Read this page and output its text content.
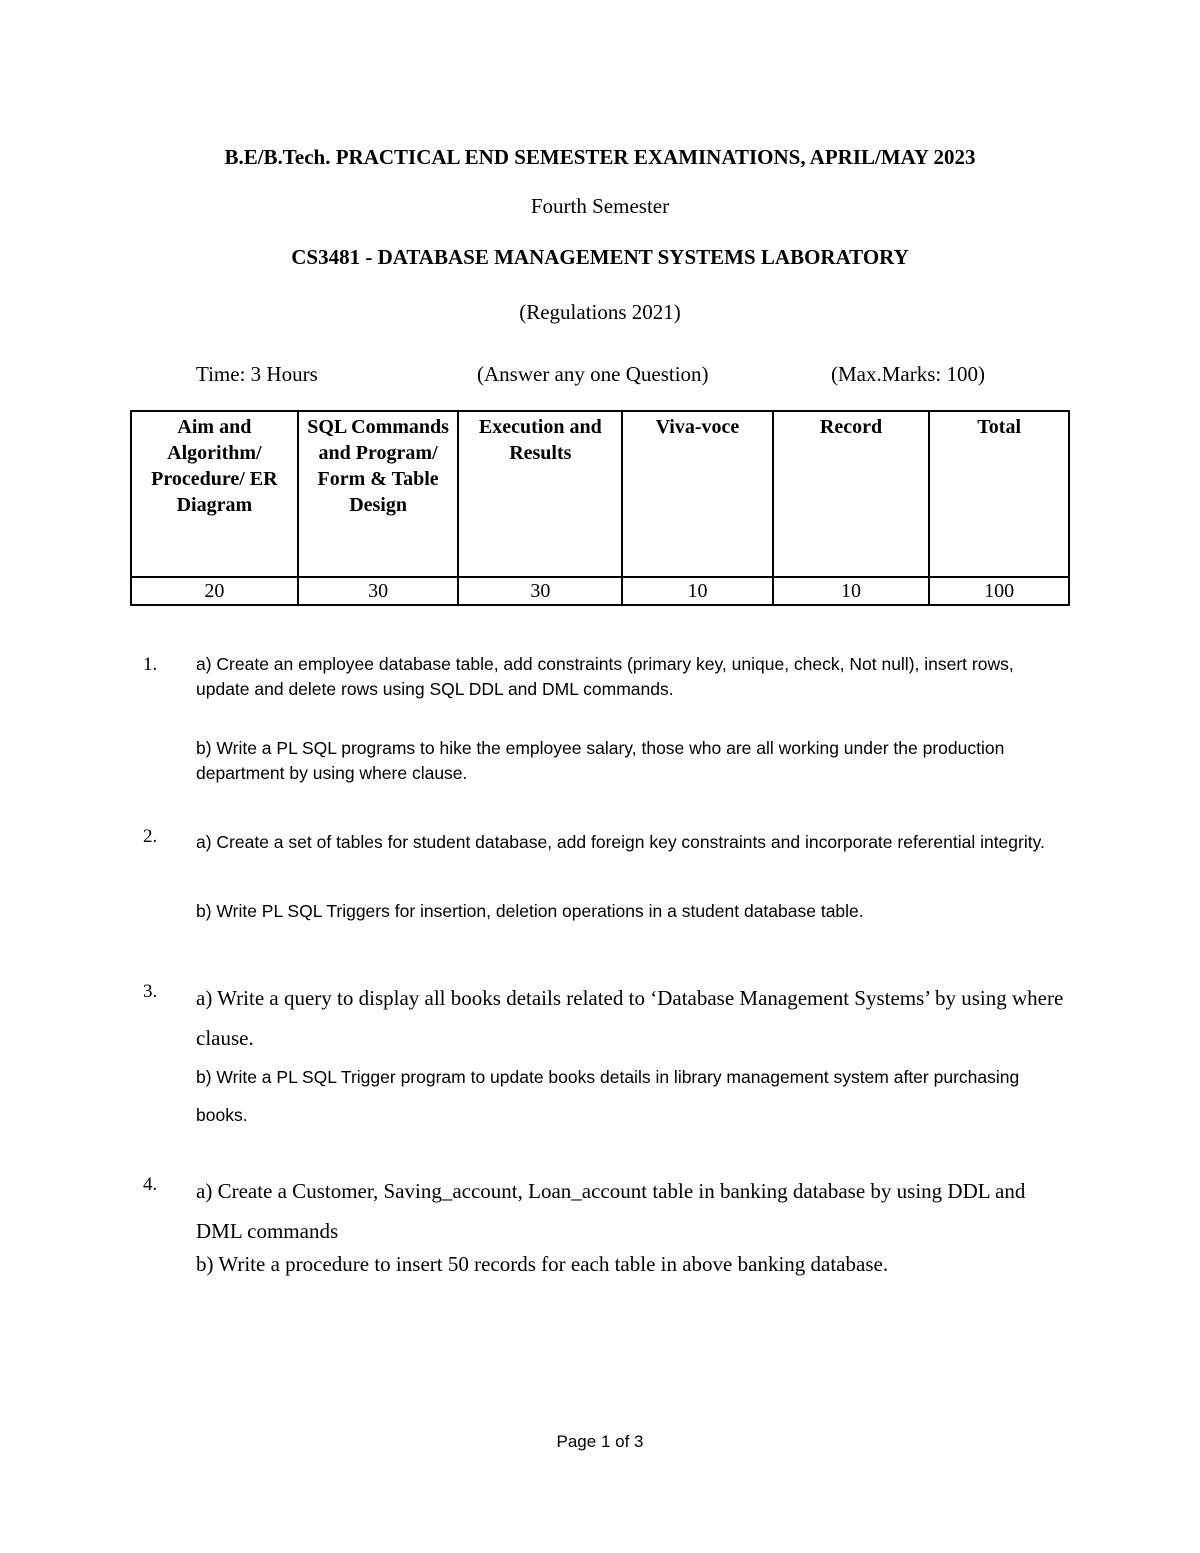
B.E/B.Tech. PRACTICAL END SEMESTER EXAMINATIONS, APRIL/MAY 2023
Fourth Semester
CS3481 - DATABASE MANAGEMENT SYSTEMS LABORATORY
(Regulations 2021)
Time: 3 Hours	(Answer any one Question)	(Max.Marks: 100)
Aim and Algorithm/ Procedure/ ER Diagram	SQL Commands and Program/ Form & Table Design	Execution and Results	Viva-voce	Record	Total
20	30	30	10	10	100
1. a) Create an employee database table, add constraints (primary key, unique, check, Not null), insert rows, update and delete rows using SQL DDL and DML commands.
b) Write a PL SQL programs to hike the employee salary, those who are all working under the production department by using where clause.
2. a) Create a set of tables for student database, add foreign key constraints and incorporate referential integrity.
b) Write PL SQL Triggers for insertion, deletion operations in a student database table.
3. a) Write a query to display all books details related to ‘Database Management Systems’ by using where clause.
b) Write a PL SQL Trigger program to update books details in library management system after purchasing books.
4. a) Create a Customer, Saving_account, Loan_account table in banking database by using DDL and DML commands
b) Write a procedure to insert 50 records for each table in above banking database.
Page 1 of 3
